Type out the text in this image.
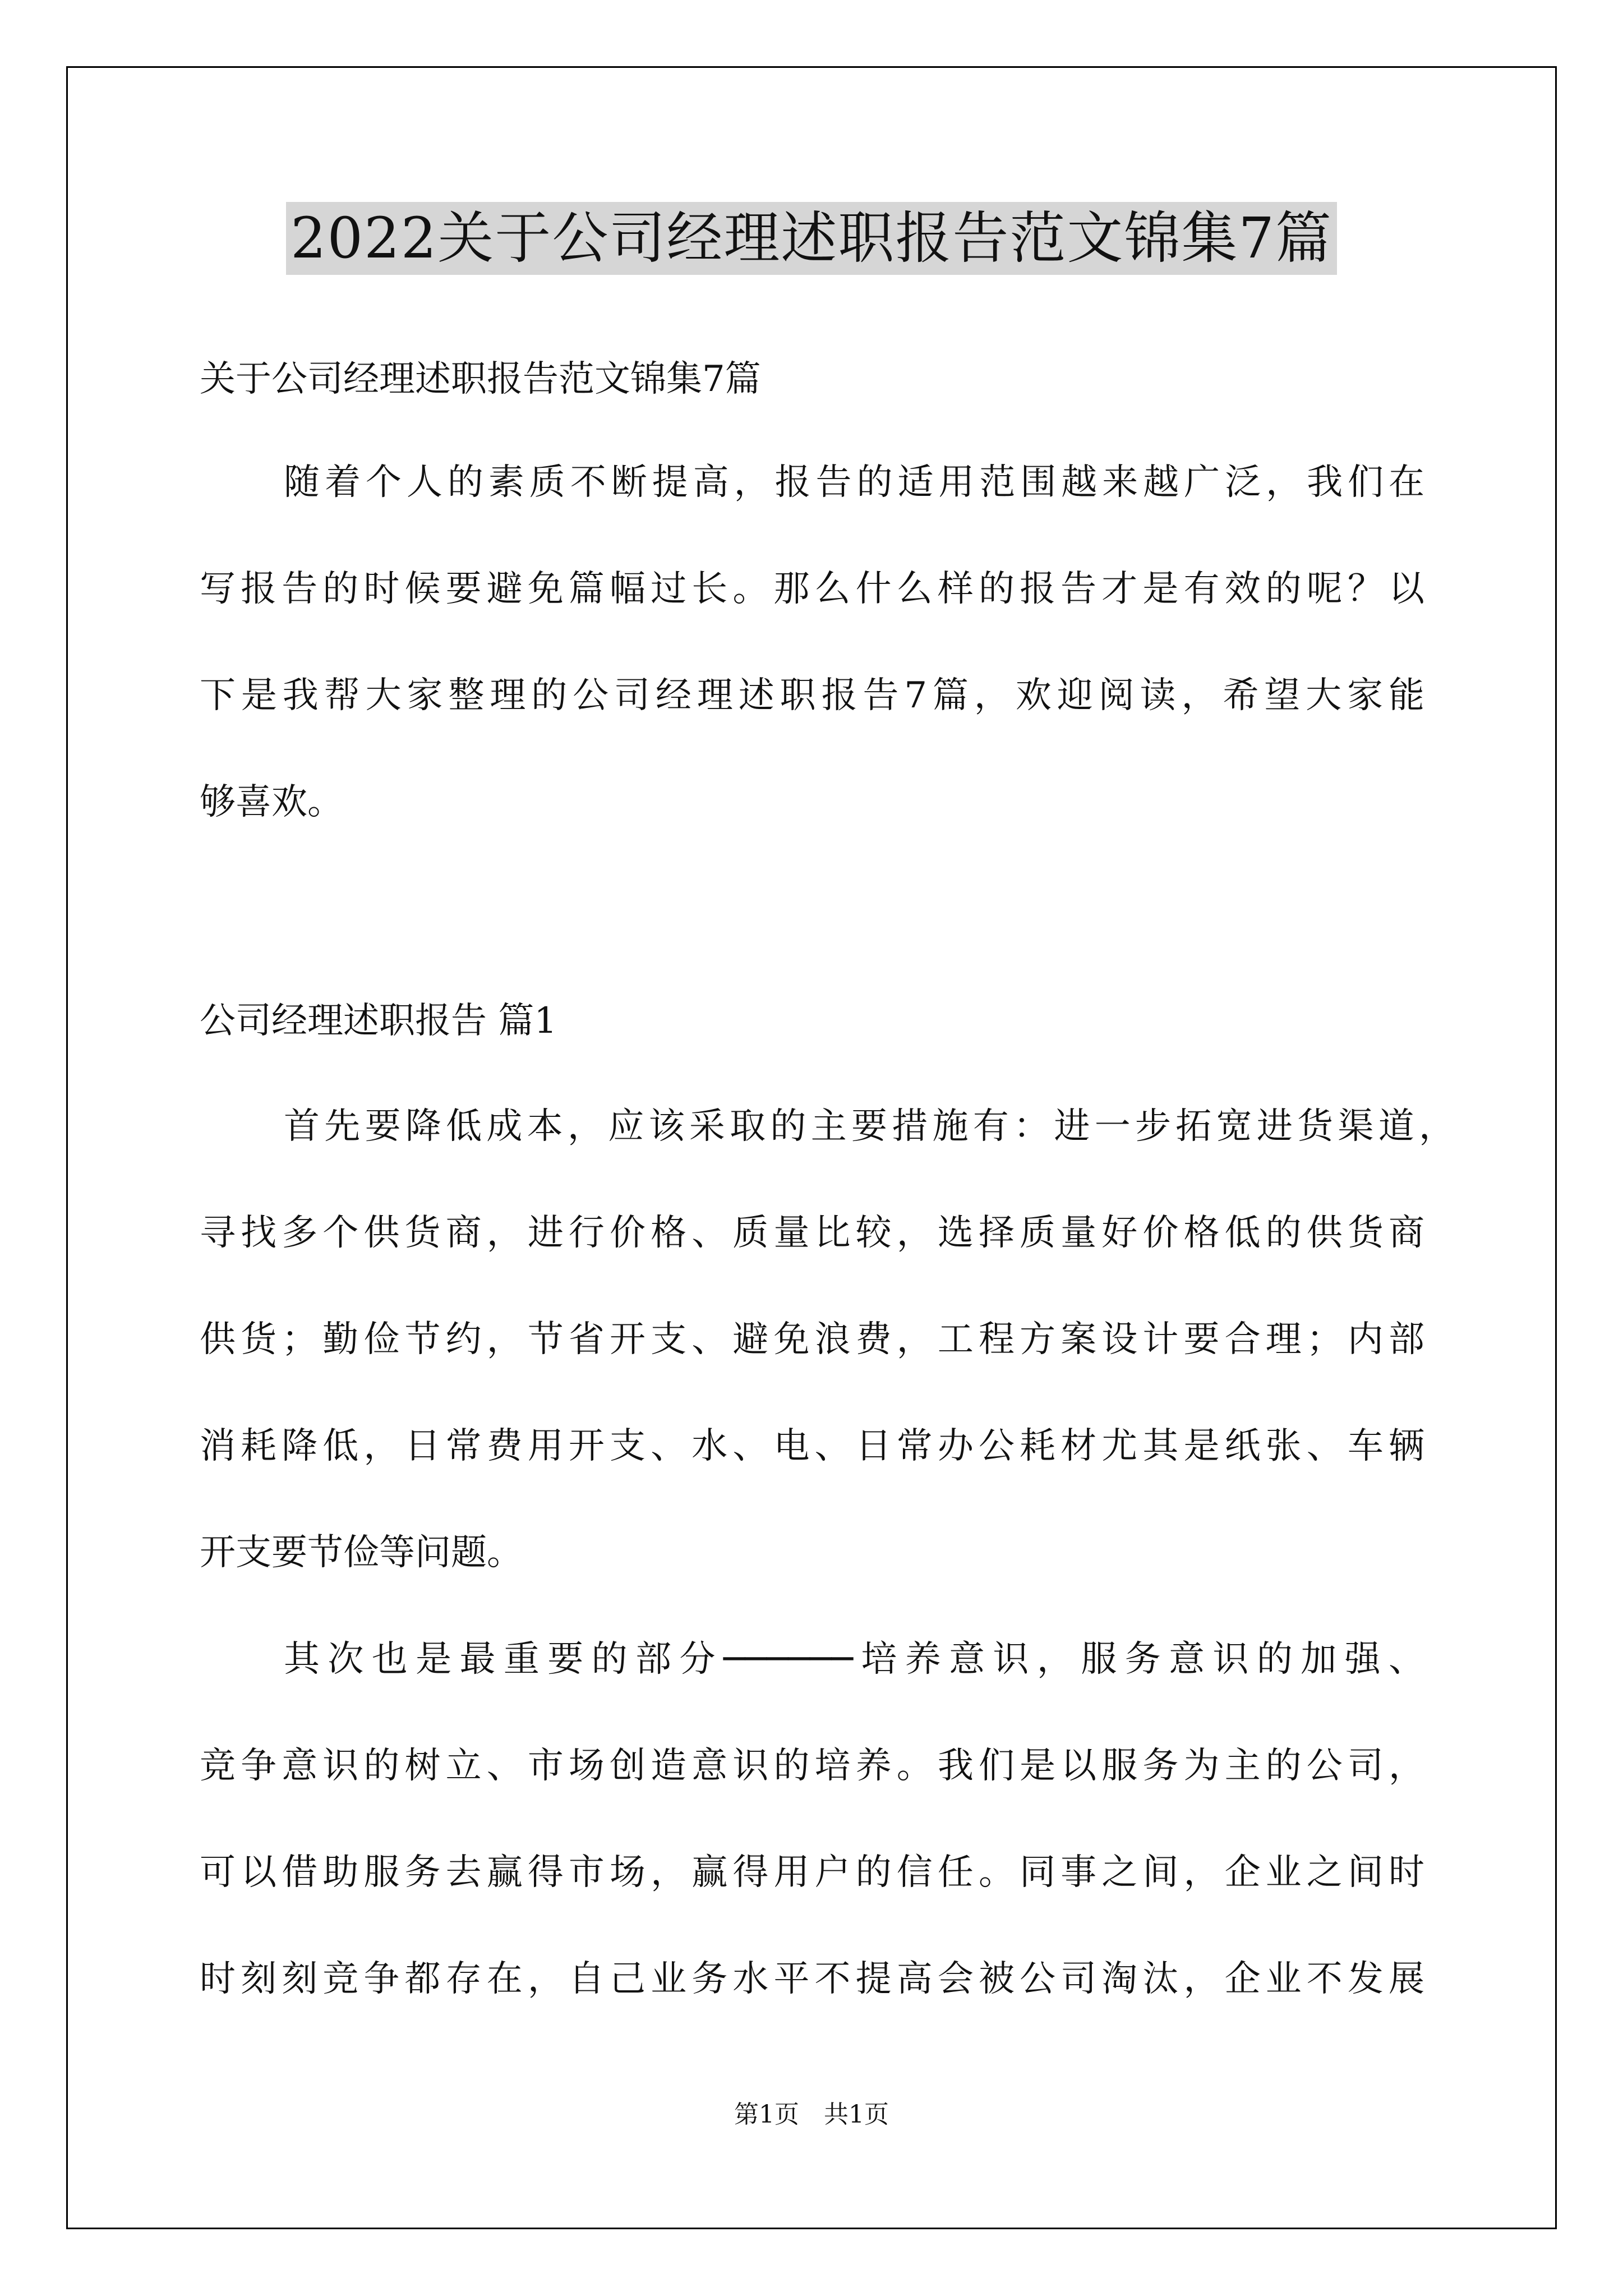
2022关于公司经理述职报告范文锦集7篇
关于公司经理述职报告范文锦集7篇
随着个人的素质不断提高，报告的适用范围越来越广泛，我们在
写报告的时候要避免篇幅过长。那么什么样的报告才是有效的呢？以
下是我帮大家整理的公司经理述职报告7篇，欢迎阅读，希望大家能
够喜欢。
公司经理述职报告 篇1
首先要降低成本，应该采取的主要措施有：进一步拓宽进货渠道，
寻找多个供货商，进行价格、质量比较，选择质量好价格低的供货商
供货；勤俭节约，节省开支、避免浪费，工程方案设计要合理；内部
消耗降低，日常费用开支、水、电、日常办公耗材尤其是纸张、车辆
开支要节俭等问题。
其次也是最重要的部分──────培养意识，服务意识的加强、
竞争意识的树立、市场创造意识的培养。我们是以服务为主的公司，
可以借助服务去赢得市场，赢得用户的信任。同事之间，企业之间时
时刻刻竞争都存在，自己业务水平不提高会被公司淘汰，企业不发展
第1页　共1页
